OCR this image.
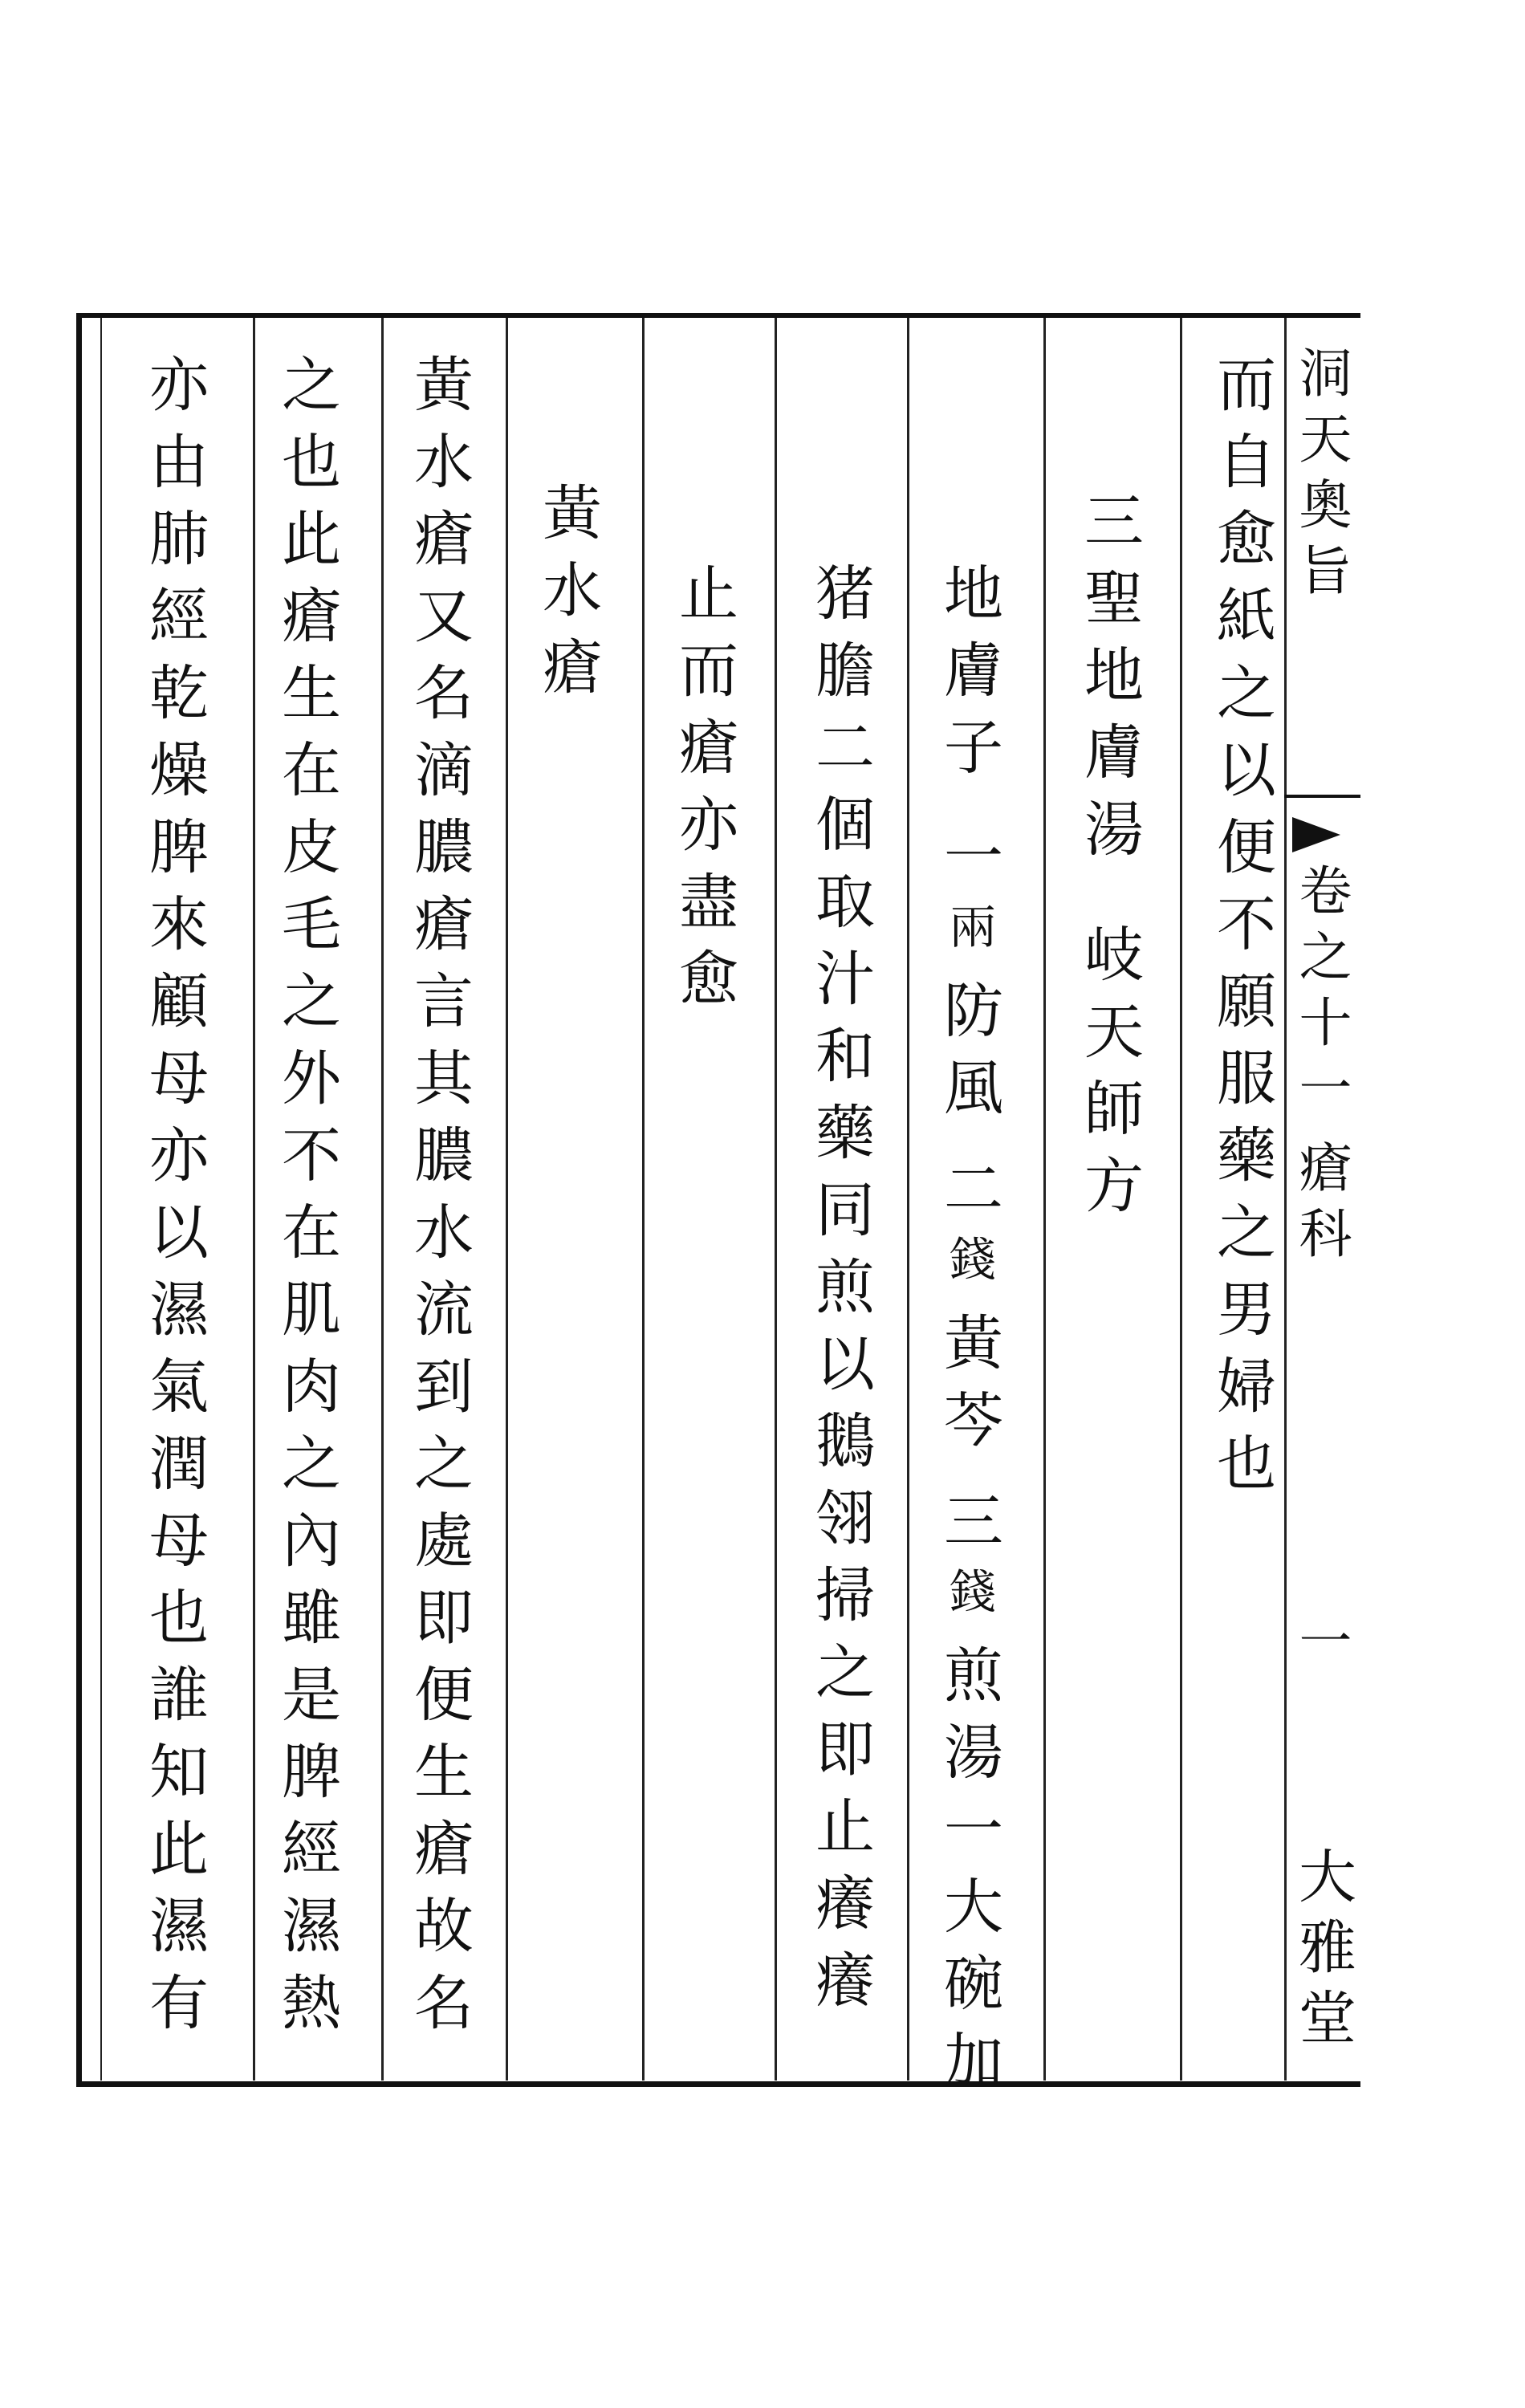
而自愈紙之以便不願服藥之男婦也
三聖地膚湯岐天師方
地膚子一兩防風二錢黃芩三錢煎湯一大碗加
猪膽二個取汁和藥同煎以鵝翎掃之即止癢癢
止而瘡亦盡愈
黃水瘡
黃水瘡又名滴膿瘡言其膿水流到之處即便生瘡故名
之也此瘡生在皮毛之外不在肌肉之內雖是脾經濕熱
亦由肺經乾燥脾來顧母亦以濕氣潤母也誰知此濕有	洞天奧旨
卷之十一
瘡科
一
大雅堂
